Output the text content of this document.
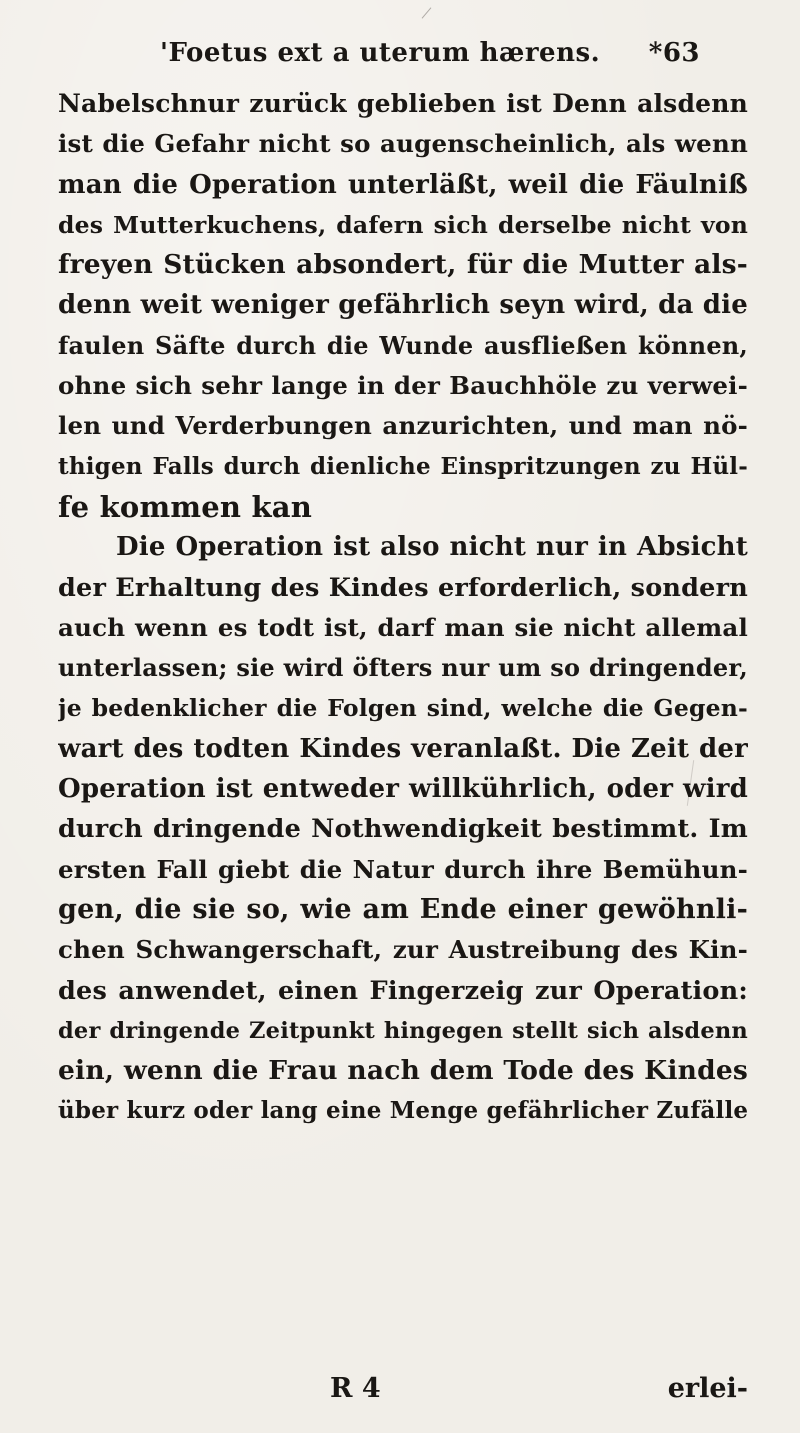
'Foetus ext a uterum hærens. *63
Nabelschnur zurück geblieben ist Denn alsdenn
ist die Gefahr nicht so augenscheinlich, als wenn
man die Operation unterläßt, weil die Fäulniß
des Mutterkuchens, dafern sich derselbe nicht von
freyen Stücken absondert, für die Mutter als-
denn weit weniger gefährlich seyn wird, da die
faulen Säfte durch die Wunde ausfließen können,
ohne sich sehr lange in der Bauchhöle zu verwei-
len und Verderbungen anzurichten, und man nö-
thigen Falls durch dienliche Einspritzungen zu Hül-
fe kommen kan
Die Operation ist also nicht nur in Absicht
der Erhaltung des Kindes erforderlich, sondern
auch wenn es todt ist, darf man sie nicht allemal
unterlassen; sie wird öfters nur um so dringender,
je bedenklicher die Folgen sind, welche die Gegen-
wart des todten Kindes veranlaßt. Die Zeit der
Operation ist entweder willkührlich, oder wird
durch dringende Nothwendigkeit bestimmt. Im
ersten Fall giebt die Natur durch ihre Bemühun-
gen, die sie so, wie am Ende einer gewöhnli-
chen Schwangerschaft, zur Austreibung des Kin-
des anwendet, einen Fingerzeig zur Operation:
der dringende Zeitpunkt hingegen stellt sich alsdenn
ein, wenn die Frau nach dem Tode des Kindes
über kurz oder lang eine Menge gefährlicher Zufälle
R 4	erlei-
